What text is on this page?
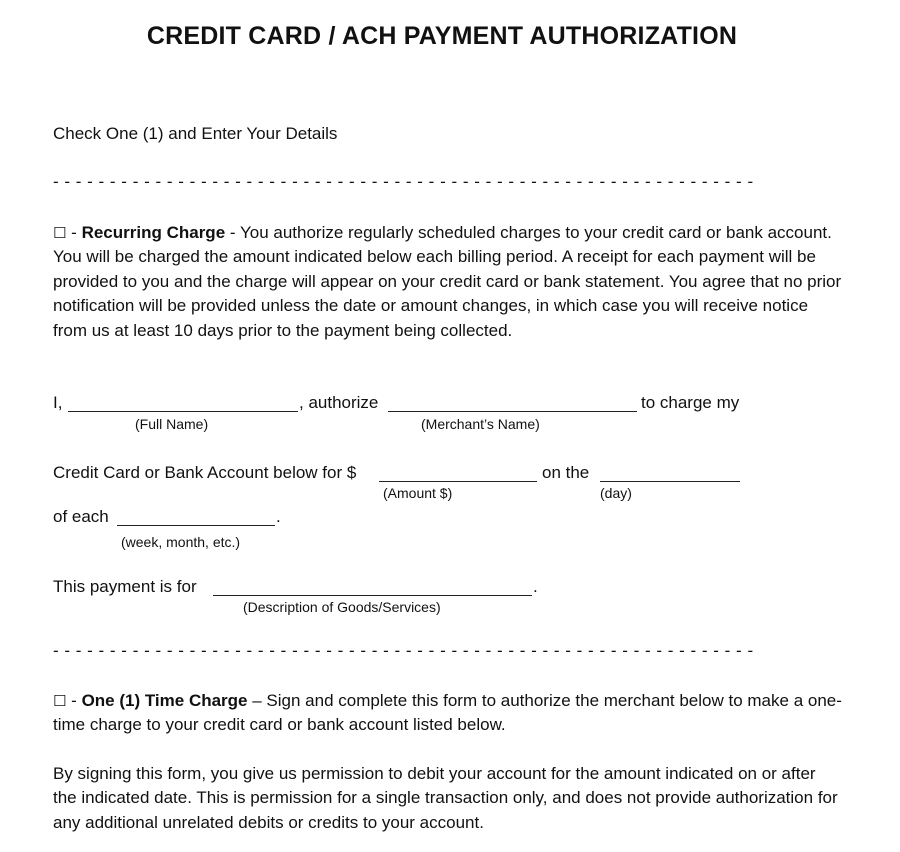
CREDIT CARD / ACH PAYMENT AUTHORIZATION
Check One (1) and Enter Your Details
- - - - - - - - - - - - - - - - - - - - - - - - - - - - - - - - - - - - - - - - - - - - - - - - - - - - - - - - - - - - - -
☐ - Recurring Charge - You authorize regularly scheduled charges to your credit card or bank account. You will be charged the amount indicated below each billing period. A receipt for each payment will be provided to you and the charge will appear on your credit card or bank statement. You agree that no prior notification will be provided unless the date or amount changes, in which case you will receive notice from us at least 10 days prior to the payment being collected.
I,	, authorize	to charge my
(Full Name)	(Merchant’s Name)
Credit Card or Bank Account below for $	on the
(Amount $)	(day)
of each	.
(week, month, etc.)
This payment is for	.
(Description of Goods/Services)
- - - - - - - - - - - - - - - - - - - - - - - - - - - - - - - - - - - - - - - - - - - - - - - - - - - - - - - - - - - - - -
☐ - One (1) Time Charge – Sign and complete this form to authorize the merchant below to make a one-time charge to your credit card or bank account listed below.
By signing this form, you give us permission to debit your account for the amount indicated on or after the indicated date. This is permission for a single transaction only, and does not provide authorization for any additional unrelated debits or credits to your account.
